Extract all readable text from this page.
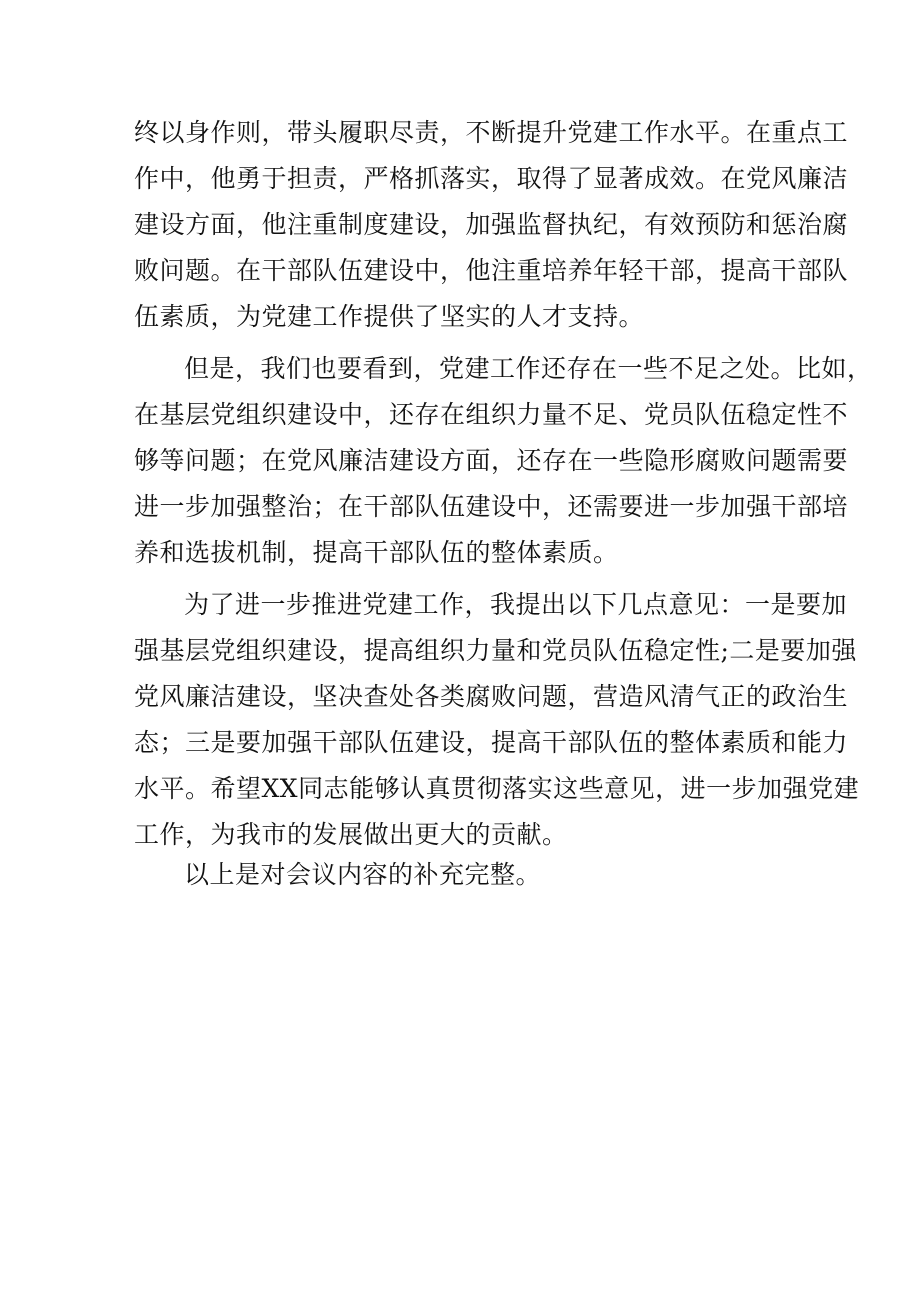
终以身作则，带头履职尽责，不断提升党建工作水平。在重点工
作中，他勇于担责，严格抓落实，取得了显著成效。在党风廉洁
建设方面，他注重制度建设，加强监督执纪，有效预防和惩治腐
败问题。在干部队伍建设中，他注重培养年轻干部，提高干部队
伍素质，为党建工作提供了坚实的人才支持。
但是，我们也要看到，党建工作还存在一些不足之处。比如，
在基层党组织建设中，还存在组织力量不足、党员队伍稳定性不
够等问题；在党风廉洁建设方面，还存在一些隐形腐败问题需要
进一步加强整治；在干部队伍建设中，还需要进一步加强干部培
养和选拔机制，提高干部队伍的整体素质。
为了进一步推进党建工作，我提出以下几点意见：一是要加
强基层党组织建设，提高组织力量和党员队伍稳定性;二是要加强
党风廉洁建设，坚决查处各类腐败问题，营造风清气正的政治生
态；三是要加强干部队伍建设，提高干部队伍的整体素质和能力
水平。希望XX同志能够认真贯彻落实这些意见，进一步加强党建
工作，为我市的发展做出更大的贡献。
以上是对会议内容的补充完整。
